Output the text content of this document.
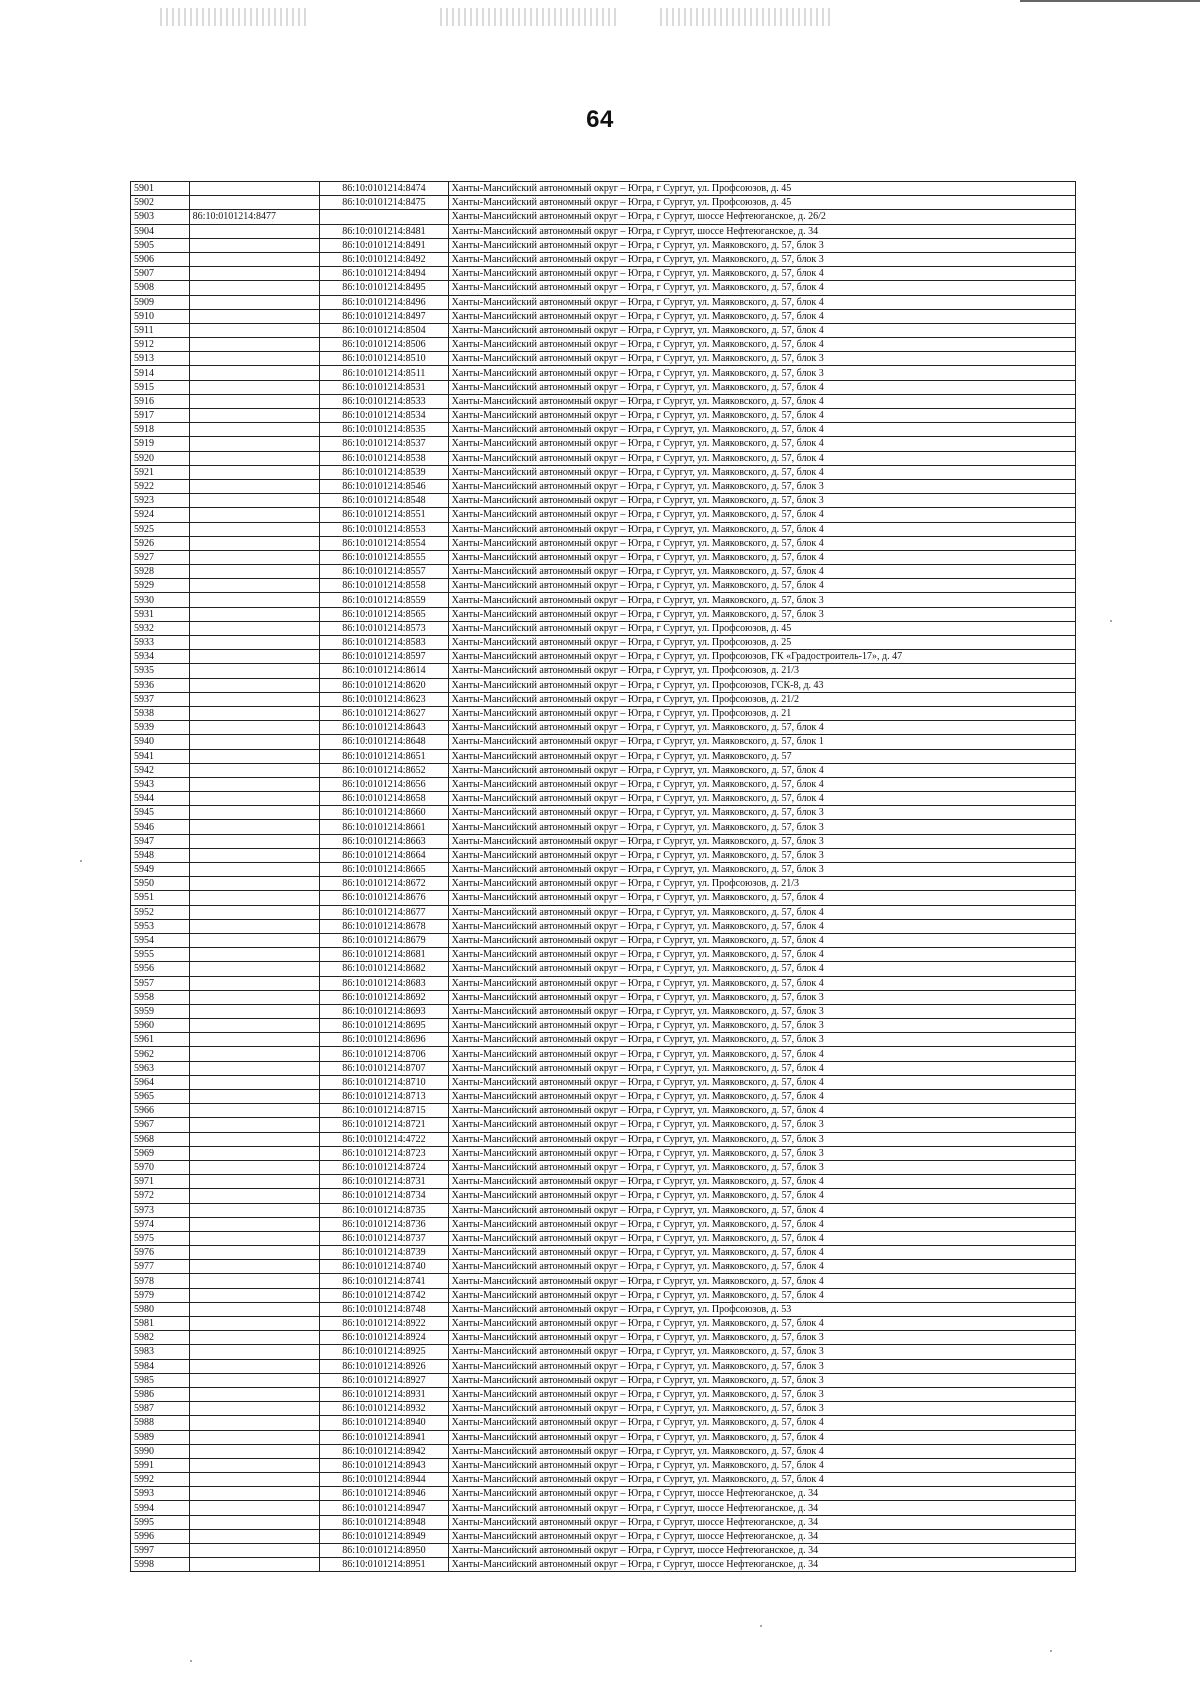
64
5901		86:10:0101214:8474	Ханты-Мансийский автономный округ – Югра, г Сургут, ул. Профсоюзов, д. 45
5902		86:10:0101214:8475	Ханты-Мансийский автономный округ – Югра, г Сургут, ул. Профсоюзов, д. 45
5903	86:10:0101214:8477		Ханты-Мансийский автономный округ – Югра, г Сургут, шоссе Нефтеюганское, д. 26/2
5904		86:10:0101214:8481	Ханты-Мансийский автономный округ – Югра, г Сургут, шоссе Нефтеюганское, д. 34
5905		86:10:0101214:8491	Ханты-Мансийский автономный округ – Югра, г Сургут, ул. Маяковского, д. 57, блок 3
5906		86:10:0101214:8492	Ханты-Мансийский автономный округ – Югра, г Сургут, ул. Маяковского, д. 57, блок 3
5907		86:10:0101214:8494	Ханты-Мансийский автономный округ – Югра, г Сургут, ул. Маяковского, д. 57, блок 4
5908		86:10:0101214:8495	Ханты-Мансийский автономный округ – Югра, г Сургут, ул. Маяковского, д. 57, блок 4
5909		86:10:0101214:8496	Ханты-Мансийский автономный округ – Югра, г Сургут, ул. Маяковского, д. 57, блок 4
5910		86:10:0101214:8497	Ханты-Мансийский автономный округ – Югра, г Сургут, ул. Маяковского, д. 57, блок 4
5911		86:10:0101214:8504	Ханты-Мансийский автономный округ – Югра, г Сургут, ул. Маяковского, д. 57, блок 4
5912		86:10:0101214:8506	Ханты-Мансийский автономный округ – Югра, г Сургут, ул. Маяковского, д. 57, блок 4
5913		86:10:0101214:8510	Ханты-Мансийский автономный округ – Югра, г Сургут, ул. Маяковского, д. 57, блок 3
5914		86:10:0101214:8511	Ханты-Мансийский автономный округ – Югра, г Сургут, ул. Маяковского, д. 57, блок 3
5915		86:10:0101214:8531	Ханты-Мансийский автономный округ – Югра, г Сургут, ул. Маяковского, д. 57, блок 4
5916		86:10:0101214:8533	Ханты-Мансийский автономный округ – Югра, г Сургут, ул. Маяковского, д. 57, блок 4
5917		86:10:0101214:8534	Ханты-Мансийский автономный округ – Югра, г Сургут, ул. Маяковского, д. 57, блок 4
5918		86:10:0101214:8535	Ханты-Мансийский автономный округ – Югра, г Сургут, ул. Маяковского, д. 57, блок 4
5919		86:10:0101214:8537	Ханты-Мансийский автономный округ – Югра, г Сургут, ул. Маяковского, д. 57, блок 4
5920		86:10:0101214:8538	Ханты-Мансийский автономный округ – Югра, г Сургут, ул. Маяковского, д. 57, блок 4
5921		86:10:0101214:8539	Ханты-Мансийский автономный округ – Югра, г Сургут, ул. Маяковского, д. 57, блок 4
5922		86:10:0101214:8546	Ханты-Мансийский автономный округ – Югра, г Сургут, ул. Маяковского, д. 57, блок 3
5923		86:10:0101214:8548	Ханты-Мансийский автономный округ – Югра, г Сургут, ул. Маяковского, д. 57, блок 3
5924		86:10:0101214:8551	Ханты-Мансийский автономный округ – Югра, г Сургут, ул. Маяковского, д. 57, блок 4
5925		86:10:0101214:8553	Ханты-Мансийский автономный округ – Югра, г Сургут, ул. Маяковского, д. 57, блок 4
5926		86:10:0101214:8554	Ханты-Мансийский автономный округ – Югра, г Сургут, ул. Маяковского, д. 57, блок 4
5927		86:10:0101214:8555	Ханты-Мансийский автономный округ – Югра, г Сургут, ул. Маяковского, д. 57, блок 4
5928		86:10:0101214:8557	Ханты-Мансийский автономный округ – Югра, г Сургут, ул. Маяковского, д. 57, блок 4
5929		86:10:0101214:8558	Ханты-Мансийский автономный округ – Югра, г Сургут, ул. Маяковского, д. 57, блок 4
5930		86:10:0101214:8559	Ханты-Мансийский автономный округ – Югра, г Сургут, ул. Маяковского, д. 57, блок 3
5931		86:10:0101214:8565	Ханты-Мансийский автономный округ – Югра, г Сургут, ул. Маяковского, д. 57, блок 3
5932		86:10:0101214:8573	Ханты-Мансийский автономный округ – Югра, г Сургут, ул. Профсоюзов, д. 45
5933		86:10:0101214:8583	Ханты-Мансийский автономный округ – Югра, г Сургут, ул. Профсоюзов, д. 25
5934		86:10:0101214:8597	Ханты-Мансийский автономный округ – Югра, г Сургут, ул. Профсоюзов, ГК «Градостроитель-17», д. 47
5935		86:10:0101214:8614	Ханты-Мансийский автономный округ – Югра, г Сургут, ул. Профсоюзов, д. 21/3
5936		86:10:0101214:8620	Ханты-Мансийский автономный округ – Югра, г Сургут, ул. Профсоюзов, ГСК-8, д. 43
5937		86:10:0101214:8623	Ханты-Мансийский автономный округ – Югра, г Сургут, ул. Профсоюзов, д. 21/2
5938		86:10:0101214:8627	Ханты-Мансийский автономный округ – Югра, г Сургут, ул. Профсоюзов, д. 21
5939		86:10:0101214:8643	Ханты-Мансийский автономный округ – Югра, г Сургут, ул. Маяковского, д. 57, блок 4
5940		86:10:0101214:8648	Ханты-Мансийский автономный округ – Югра, г Сургут, ул. Маяковского, д. 57, блок 1
5941		86:10:0101214:8651	Ханты-Мансийский автономный округ – Югра, г Сургут, ул. Маяковского, д. 57
5942		86:10:0101214:8652	Ханты-Мансийский автономный округ – Югра, г Сургут, ул. Маяковского, д. 57, блок 4
5943		86:10:0101214:8656	Ханты-Мансийский автономный округ – Югра, г Сургут, ул. Маяковского, д. 57, блок 4
5944		86:10:0101214:8658	Ханты-Мансийский автономный округ – Югра, г Сургут, ул. Маяковского, д. 57, блок 4
5945		86:10:0101214:8660	Ханты-Мансийский автономный округ – Югра, г Сургут, ул. Маяковского, д. 57, блок 3
5946		86:10:0101214:8661	Ханты-Мансийский автономный округ – Югра, г Сургут, ул. Маяковского, д. 57, блок 3
5947		86:10:0101214:8663	Ханты-Мансийский автономный округ – Югра, г Сургут, ул. Маяковского, д. 57, блок 3
5948		86:10:0101214:8664	Ханты-Мансийский автономный округ – Югра, г Сургут, ул. Маяковского, д. 57, блок 3
5949		86:10:0101214:8665	Ханты-Мансийский автономный округ – Югра, г Сургут, ул. Маяковского, д. 57, блок 3
5950		86:10:0101214:8672	Ханты-Мансийский автономный округ – Югра, г Сургут, ул. Профсоюзов, д. 21/3
5951		86:10:0101214:8676	Ханты-Мансийский автономный округ – Югра, г Сургут, ул. Маяковского, д. 57, блок 4
5952		86:10:0101214:8677	Ханты-Мансийский автономный округ – Югра, г Сургут, ул. Маяковского, д. 57, блок 4
5953		86:10:0101214:8678	Ханты-Мансийский автономный округ – Югра, г Сургут, ул. Маяковского, д. 57, блок 4
5954		86:10:0101214:8679	Ханты-Мансийский автономный округ – Югра, г Сургут, ул. Маяковского, д. 57, блок 4
5955		86:10:0101214:8681	Ханты-Мансийский автономный округ – Югра, г Сургут, ул. Маяковского, д. 57, блок 4
5956		86:10:0101214:8682	Ханты-Мансийский автономный округ – Югра, г Сургут, ул. Маяковского, д. 57, блок 4
5957		86:10:0101214:8683	Ханты-Мансийский автономный округ – Югра, г Сургут, ул. Маяковского, д. 57, блок 4
5958		86:10:0101214:8692	Ханты-Мансийский автономный округ – Югра, г Сургут, ул. Маяковского, д. 57, блок 3
5959		86:10:0101214:8693	Ханты-Мансийский автономный округ – Югра, г Сургут, ул. Маяковского, д. 57, блок 3
5960		86:10:0101214:8695	Ханты-Мансийский автономный округ – Югра, г Сургут, ул. Маяковского, д. 57, блок 3
5961		86:10:0101214:8696	Ханты-Мансийский автономный округ – Югра, г Сургут, ул. Маяковского, д. 57, блок 3
5962		86:10:0101214:8706	Ханты-Мансийский автономный округ – Югра, г Сургут, ул. Маяковского, д. 57, блок 4
5963		86:10:0101214:8707	Ханты-Мансийский автономный округ – Югра, г Сургут, ул. Маяковского, д. 57, блок 4
5964		86:10:0101214:8710	Ханты-Мансийский автономный округ – Югра, г Сургут, ул. Маяковского, д. 57, блок 4
5965		86:10:0101214:8713	Ханты-Мансийский автономный округ – Югра, г Сургут, ул. Маяковского, д. 57, блок 4
5966		86:10:0101214:8715	Ханты-Мансийский автономный округ – Югра, г Сургут, ул. Маяковского, д. 57, блок 4
5967		86:10:0101214:8721	Ханты-Мансийский автономный округ – Югра, г Сургут, ул. Маяковского, д. 57, блок 3
5968		86:10:0101214:4722	Ханты-Мансийский автономный округ – Югра, г Сургут, ул. Маяковского, д. 57, блок 3
5969		86:10:0101214:8723	Ханты-Мансийский автономный округ – Югра, г Сургут, ул. Маяковского, д. 57, блок 3
5970		86:10:0101214:8724	Ханты-Мансийский автономный округ – Югра, г Сургут, ул. Маяковского, д. 57, блок 3
5971		86:10:0101214:8731	Ханты-Мансийский автономный округ – Югра, г Сургут, ул. Маяковского, д. 57, блок 4
5972		86:10:0101214:8734	Ханты-Мансийский автономный округ – Югра, г Сургут, ул. Маяковского, д. 57, блок 4
5973		86:10:0101214:8735	Ханты-Мансийский автономный округ – Югра, г Сургут, ул. Маяковского, д. 57, блок 4
5974		86:10:0101214:8736	Ханты-Мансийский автономный округ – Югра, г Сургут, ул. Маяковского, д. 57, блок 4
5975		86:10:0101214:8737	Ханты-Мансийский автономный округ – Югра, г Сургут, ул. Маяковского, д. 57, блок 4
5976		86:10:0101214:8739	Ханты-Мансийский автономный округ – Югра, г Сургут, ул. Маяковского, д. 57, блок 4
5977		86:10:0101214:8740	Ханты-Мансийский автономный округ – Югра, г Сургут, ул. Маяковского, д. 57, блок 4
5978		86:10:0101214:8741	Ханты-Мансийский автономный округ – Югра, г Сургут, ул. Маяковского, д. 57, блок 4
5979		86:10:0101214:8742	Ханты-Мансийский автономный округ – Югра, г Сургут, ул. Маяковского, д. 57, блок 4
5980		86:10:0101214:8748	Ханты-Мансийский автономный округ – Югра, г Сургут, ул. Профсоюзов, д. 53
5981		86:10:0101214:8922	Ханты-Мансийский автономный округ – Югра, г Сургут, ул. Маяковского, д. 57, блок 4
5982		86:10:0101214:8924	Ханты-Мансийский автономный округ – Югра, г Сургут, ул. Маяковского, д. 57, блок 3
5983		86:10:0101214:8925	Ханты-Мансийский автономный округ – Югра, г Сургут, ул. Маяковского, д. 57, блок 3
5984		86:10:0101214:8926	Ханты-Мансийский автономный округ – Югра, г Сургут, ул. Маяковского, д. 57, блок 3
5985		86:10:0101214:8927	Ханты-Мансийский автономный округ – Югра, г Сургут, ул. Маяковского, д. 57, блок 3
5986		86:10:0101214:8931	Ханты-Мансийский автономный округ – Югра, г Сургут, ул. Маяковского, д. 57, блок 3
5987		86:10:0101214:8932	Ханты-Мансийский автономный округ – Югра, г Сургут, ул. Маяковского, д. 57, блок 3
5988		86:10:0101214:8940	Ханты-Мансийский автономный округ – Югра, г Сургут, ул. Маяковского, д. 57, блок 4
5989		86:10:0101214:8941	Ханты-Мансийский автономный округ – Югра, г Сургут, ул. Маяковского, д. 57, блок 4
5990		86:10:0101214:8942	Ханты-Мансийский автономный округ – Югра, г Сургут, ул. Маяковского, д. 57, блок 4
5991		86:10:0101214:8943	Ханты-Мансийский автономный округ – Югра, г Сургут, ул. Маяковского, д. 57, блок 4
5992		86:10:0101214:8944	Ханты-Мансийский автономный округ – Югра, г Сургут, ул. Маяковского, д. 57, блок 4
5993		86:10:0101214:8946	Ханты-Мансийский автономный округ – Югра, г Сургут, шоссе Нефтеюганское, д. 34
5994		86:10:0101214:8947	Ханты-Мансийский автономный округ – Югра, г Сургут, шоссе Нефтеюганское, д. 34
5995		86:10:0101214:8948	Ханты-Мансийский автономный округ – Югра, г Сургут, шоссе Нефтеюганское, д. 34
5996		86:10:0101214:8949	Ханты-Мансийский автономный округ – Югра, г Сургут, шоссе Нефтеюганское, д. 34
5997		86:10:0101214:8950	Ханты-Мансийский автономный округ – Югра, г Сургут, шоссе Нефтеюганское, д. 34
5998		86:10:0101214:8951	Ханты-Мансийский автономный округ – Югра, г Сургут, шоссе Нефтеюганское, д. 34
